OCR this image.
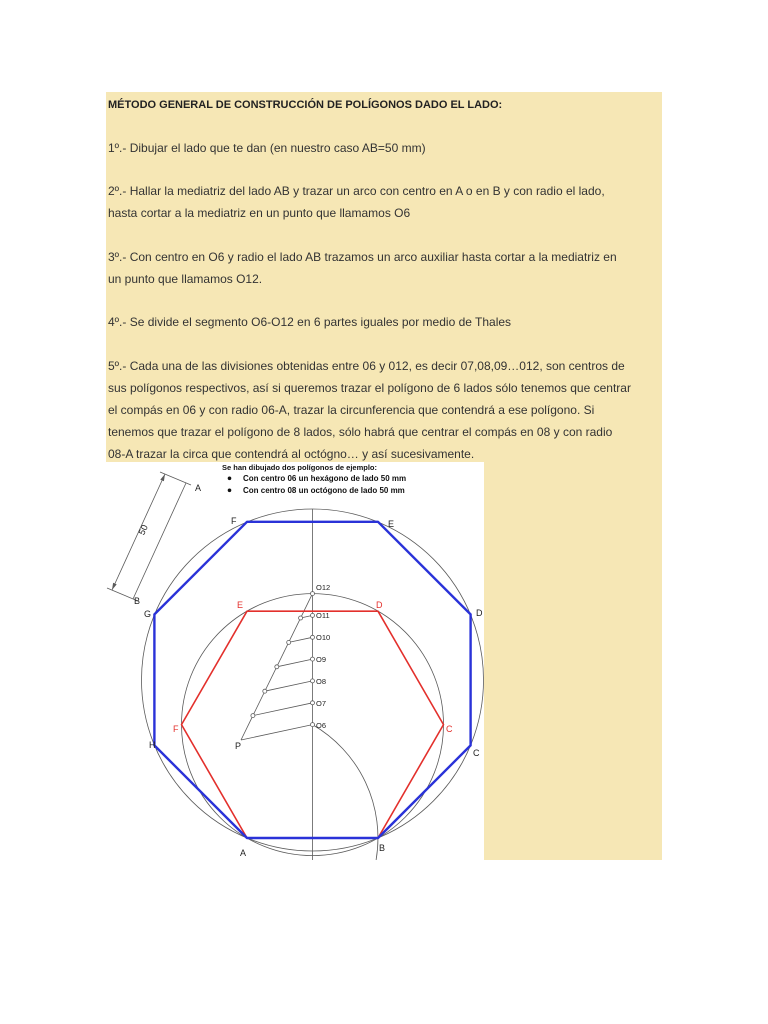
MÉTODO GENERAL DE CONSTRUCCIÓN DE POLÍGONOS DADO EL LADO:
1º.- Dibujar el lado que te dan (en nuestro caso AB=50 mm)
2º.- Hallar la mediatriz del lado AB y trazar un arco con centro en A o en B y con radio el lado,
hasta cortar a la mediatriz en un punto que llamamos O6
3º.- Con centro en O6 y radio el lado AB trazamos un arco auxiliar hasta cortar a la mediatriz en
un punto que llamamos O12.
4º.- Se divide el segmento O6-O12 en 6 partes iguales por medio de Thales
5º.- Cada una de las divisiones obtenidas entre 06 y 012, es decir 07,08,09…012, son centros de
sus polígonos respectivos, así si queremos trazar el polígono de 6 lados sólo tenemos que centrar
el compás en 06 y con radio 06-A, trazar la circunferencia que contendrá a ese polígono. Si
tenemos que trazar el polígono de 8 lados, sólo habrá que centrar el compás en 08 y con radio
08-A trazar la circa que contendrá al octógno… y así sucesivamente.
Se han dibujado dos polígonos de ejemplo:
Con centro 06 un hexágono de lado 50 mm
Con centro 08 un octógono de lado 50 mm
A
B
50
O12
O11
O10
O9
O8
O7
O6
P
A	B
C
D
E
F
G
H
C
D
E
F
